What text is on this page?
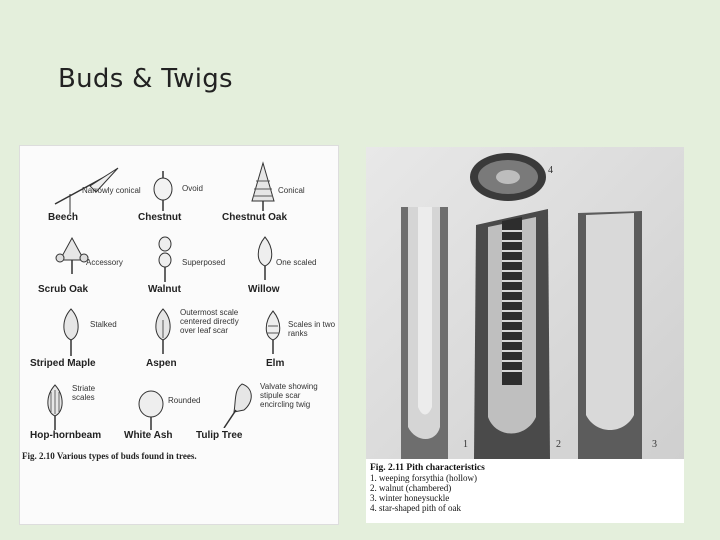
Buds & Twigs
Narrowly conical
Beech
Ovoid
Chestnut
Conical
Chestnut Oak
Accessory
Scrub Oak
Superposed
Walnut
One scaled
Willow
Stalked
Striped Maple
Outermost scale centered directly over leaf scar
Aspen
Scales in two ranks
Elm
Striate scales
Hop-hornbeam
Rounded
White Ash
Valvate showing stipule scar encircling twig
Tulip Tree
Fig. 2.10 Various types of buds found in trees.
4
1	2	3
Fig. 2.11 Pith characteristics
1. weeping forsythia (hollow)
2. walnut (chambered)
3. winter honeysuckle
4. star-shaped pith of oak
